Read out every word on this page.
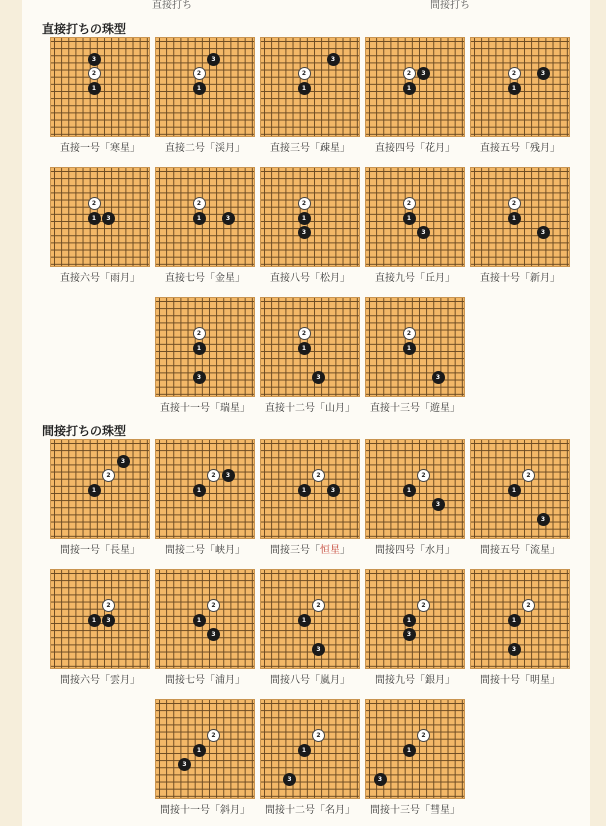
直接打ち	間接打ち
直接打ちの珠型
1
2
3
直接一号「寒星」
1
2
3
直接二号「渓月」
1
2
3
直接三号「疎星」
1
2	3
直接四号「花月」
1
2	3
直接五号「残月」
2
1	3
直接六号「雨月」
2
1	3
直接七号「金星」
2
1
3
直接八号「松月」
2
1
3
直接九号「丘月」
2
1
3
直接十号「新月」
2
1
3
直接十一号「瑞星」
2
1
3
直接十二号「山月」
2
1
3
直接十三号「遊星」
間接打ちの珠型
1
2
3
間接一号「長星」
1
2	3
間接二号「峡月」
1
2
3
間接三号「恒星」
1
2
3
間接四号「水月」
1
2
3
間接五号「流星」
2
1	3
間接六号「雲月」
2
1
3
間接七号「浦月」
2
1
3
間接八号「嵐月」
2
1
3
間接九号「銀月」
2
1
3
間接十号「明星」
2
1
3
間接十一号「斜月」
2
1
3
間接十二号「名月」
2
1
3
間接十三号「彗星」
